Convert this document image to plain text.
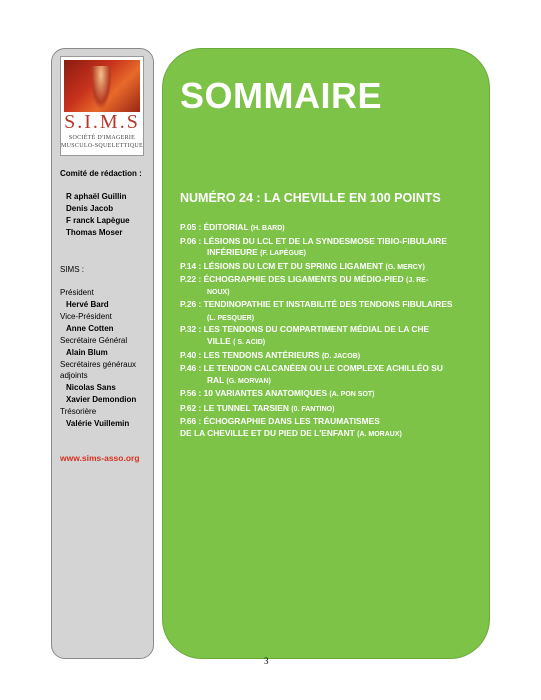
S.I.M.S
SOCIÉTÉ D'IMAGERIE
MUSCULO-SQUELETTIQUE
Comité de rédaction :
R aphaël Guillin
Denis Jacob
F ranck Lapègue
Thomas Moser
SIMS :
Président
Hervé Bard
Vice-Président
Anne Cotten
Secrétaire Général
Alain Blum
Secrétaires généraux
adjoints
Nicolas Sans
Xavier Demondion
Trésorière
Valérie Vuillemin
www.sims-asso.org
SOMMAIRE
NUMÉRO 24 : LA CHEVILLE EN 100 POINTS
P.05 : ÉDITORIAL (H. BARD)
P.06 : LÉSIONS DU LCL ET DE LA SYNDESMOSE TIBIO-FIBULAIRE
INFÉRIEURE (F. LAPÈGUE)
P.14 : LÉSIONS DU LCM ET DU SPRING LIGAMENT (G. MERCY)
P.22 : ÉCHOGRAPHIE DES LIGAMENTS DU MÉDIO-PIED (J. RE-
NOUX)
P.26 : TENDINOPATHIE ET INSTABILITÉ DES TENDONS FIBULAIRES
(L. PESQUER)
P.32 : LES TENDONS DU COMPARTIMENT MÉDIAL DE LA CHE
VILLE ( S. ACID)
P.40 : LES TENDONS ANTÉRIEURS (D. JACOB)
P.46 : LE TENDON CALCANÉEN OU LE COMPLEXE ACHILLÉO SU
RAL (G. MORVAN)
P.56 : 10 VARIANTES ANATOMIQUES (A. PON SOT)
P.62 : LE TUNNEL TARSIEN (0. FANTINO)
P.66 : ÉCHOGRAPHIE DANS LES TRAUMATISMES
DE LA CHEVILLE ET DU PIED DE L'ENFANT (A. MORAUX)
3
